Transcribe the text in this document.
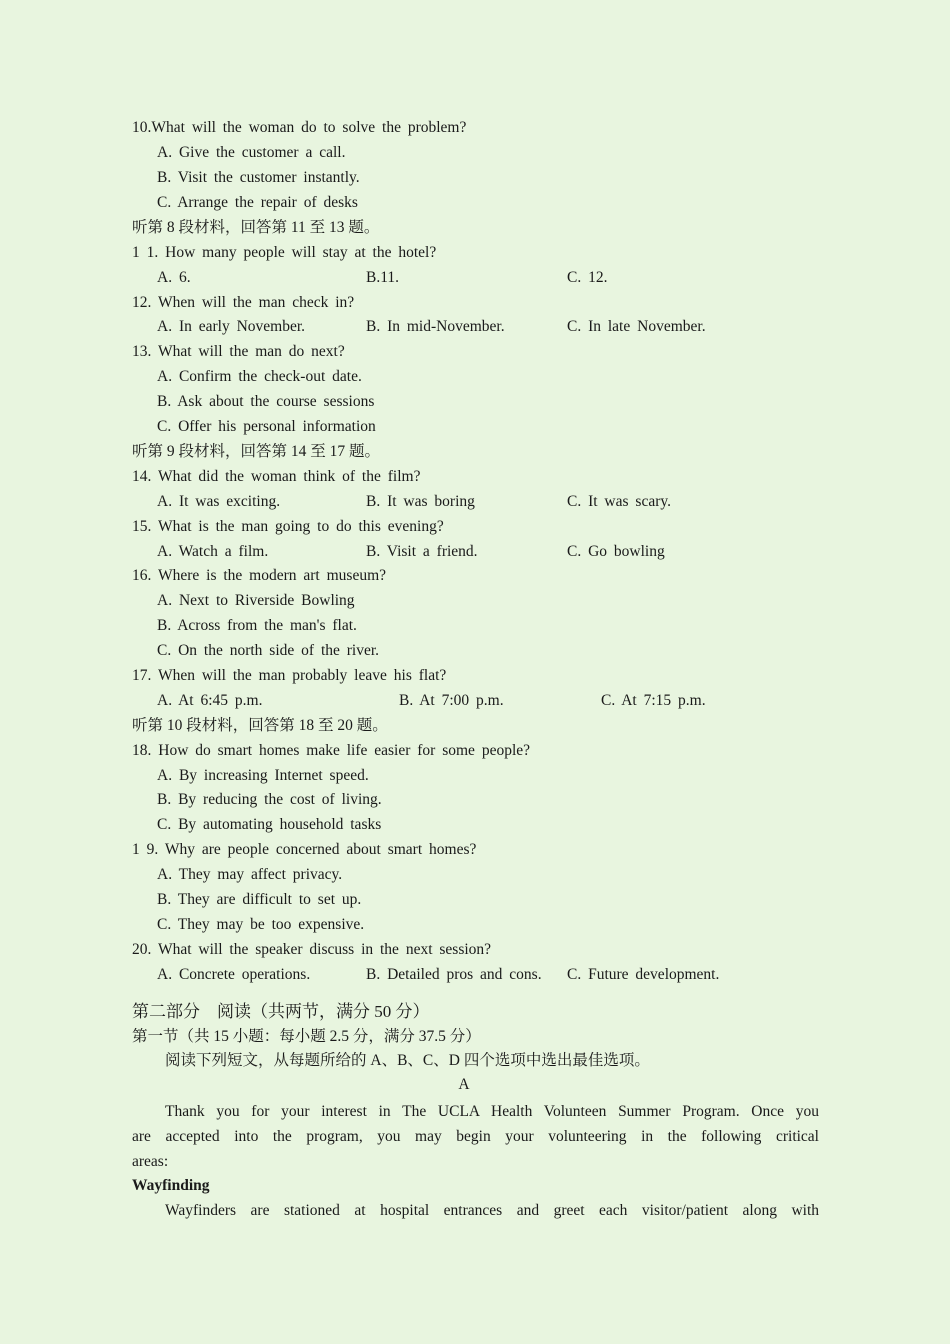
10.What will the woman do to solve the problem?
A. Give the customer a call.
B. Visit the customer instantly.
C. Arrange the repair of desks
听第 8 段材料，回答第 11 至 13 题。
1 1. How many people will stay at the hotel?
A. 6.	B.11.	C. 12.
12. When will the man check in?
A. In early November.	B. In mid-November.	C. In late November.
13. What will the man do next?
A. Confirm the check-out date.
B. Ask about the course sessions
C. Offer his personal information
听第 9 段材料，回答第 14 至 17 题。
14. What did the woman think of the film?
A. It was exciting.	B. It was boring	C. It was scary.
15. What is the man going to do this evening?
A. Watch a film.	B. Visit a friend.	C. Go bowling
16. Where is the modern art museum?
A. Next to Riverside Bowling
B. Across from the man's flat.
C. On the north side of the river.
17. When will the man probably leave his flat?
A. At 6:45 p.m.	B. At 7:00 p.m.	C. At 7:15 p.m.
听第 10 段材料，回答第 18 至 20 题。
18. How do smart homes make life easier for some people?
A. By increasing Internet speed.
B. By reducing the cost of living.
C. By automating household tasks
1 9. Why are people concerned about smart homes?
A. They may affect privacy.
B. They are difficult to set up.
C. They may be too expensive.
20. What will the speaker discuss in the next session?
A. Concrete operations.	B. Detailed pros and cons. C. Future development.
第二部分　阅读（共两节，满分 50 分）
第一节（共 15 小题：每小题 2.5 分，满分 37.5 分）
阅读下列短文，从每题所给的 A、B、C、D 四个选项中选出最佳选项。
A
Thank you for your interest in The UCLA Health Volunteen Summer Program. Once you
are accepted into the program, you may begin your volunteering in the following critical
areas:
Wayfinding
Wayfinders are stationed at hospital entrances and greet each visitor/patient along with
